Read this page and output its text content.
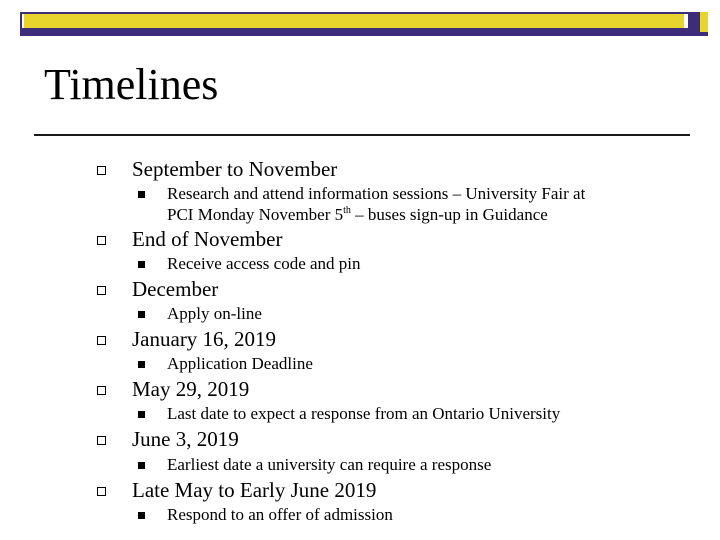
Timelines
September to November
Research and attend information sessions – University Fair at
PCI Monday November 5th – buses sign-up in Guidance
End of November
Receive access code and pin
December
Apply on-line
January 16, 2019
Application Deadline
May 29, 2019
Last date to expect a response from an Ontario University
June 3, 2019
Earliest date a university can require a response
Late May to Early June 2019
Respond to an offer of admission
